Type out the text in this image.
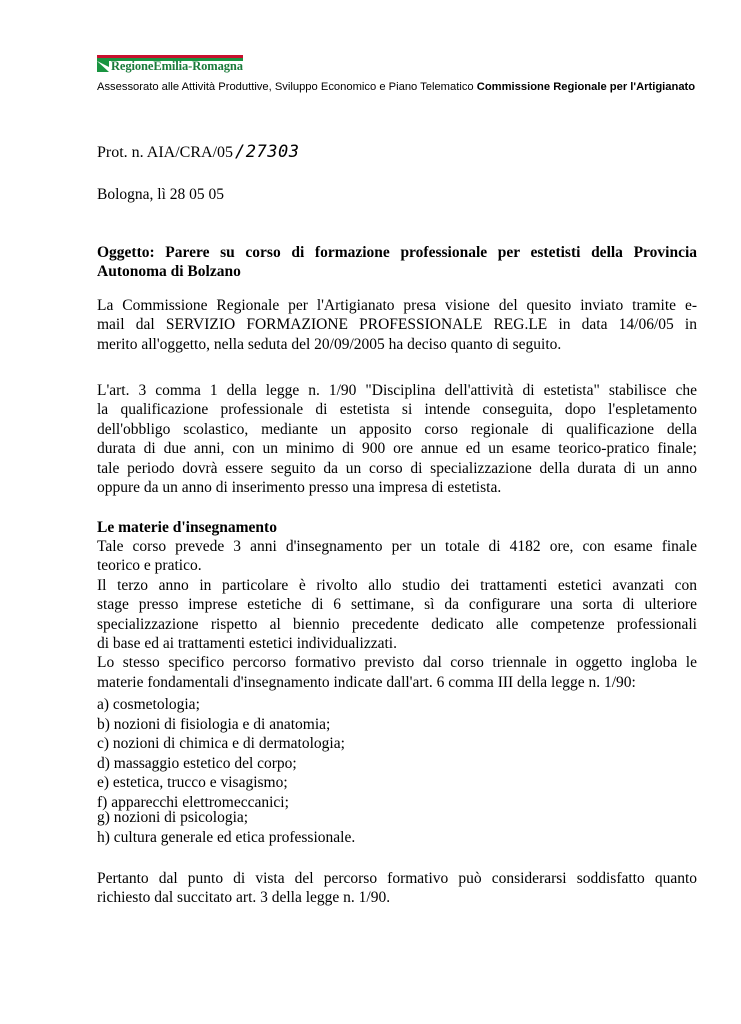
RegioneEmilia-Romagna
Assessorato alle Attività Produttive, Sviluppo Economico e Piano Telematico Commissione Regionale per l'Artigianato
Prot. n. AIA/CRA/05 /27303
Bologna, lì 28 05 05
Oggetto: Parere su corso di formazione professionale per estetisti della Provincia
Autonoma di Bolzano
La Commissione Regionale per l'Artigianato presa visione del quesito inviato tramite e-
mail dal SERVIZIO FORMAZIONE PROFESSIONALE REG.LE in data 14/06/05 in
merito all'oggetto, nella seduta del 20/09/2005 ha deciso quanto di seguito.
L'art. 3 comma 1 della legge n. 1/90 "Disciplina dell'attività di estetista" stabilisce che
la qualificazione professionale di estetista si intende conseguita, dopo l'espletamento
dell'obbligo scolastico, mediante un apposito corso regionale di qualificazione della
durata di due anni, con un minimo di 900 ore annue ed un esame teorico-pratico finale;
tale periodo dovrà essere seguito da un corso di specializzazione della durata di un anno
oppure da un anno di inserimento presso una impresa di estetista.
Le materie d'insegnamento
Tale corso prevede 3 anni d'insegnamento per un totale di 4182 ore, con esame finale
teorico e pratico.
Il terzo anno in particolare è rivolto allo studio dei trattamenti estetici avanzati con
stage presso imprese estetiche di 6 settimane, sì da configurare una sorta di ulteriore
specializzazione rispetto al biennio precedente dedicato alle competenze professionali
di base ed ai trattamenti estetici individualizzati.
Lo stesso specifico percorso formativo previsto dal corso triennale in oggetto ingloba le
materie fondamentali d'insegnamento indicate dall'art. 6 comma III della legge n. 1/90:
a) cosmetologia;
b) nozioni di fisiologia e di anatomia;
c) nozioni di chimica e di dermatologia;
d) massaggio estetico del corpo;
e) estetica, trucco e visagismo;
f) apparecchi elettromeccanici;
g) nozioni di psicologia;
h) cultura generale ed etica professionale.
Pertanto dal punto di vista del percorso formativo può considerarsi soddisfatto quanto
richiesto dal succitato art. 3 della legge n. 1/90.
